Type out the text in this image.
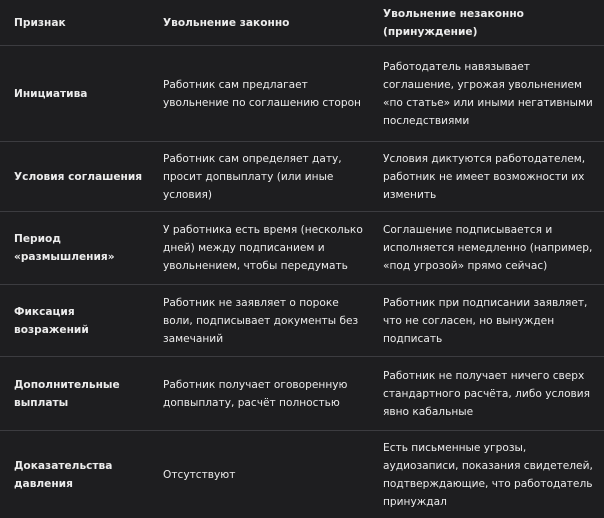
Признак	Увольнение законно
Увольнение незаконно (принуждение)
Инициатива
Работник сам предлагает увольнение по соглашению сторон
Работодатель навязывает соглашение, угрожая увольнением «по статье» или иными негативными последствиями
Условия соглашения
Работник сам определяет дату, просит допвыплату (или иные условия)
Условия диктуются работодателем, работник не имеет возможности их изменить
Период «размышления»
У работника есть время (несколько дней) между подписанием и увольнением, чтобы передумать
Соглашение подписывается и исполняется немедленно (например, «под угрозой» прямо сейчас)
Фиксация возражений
Работник не заявляет о пороке воли, подписывает документы без замечаний
Работник при подписании заявляет, что не согласен, но вынужден подписать
Дополнительные выплаты
Работник получает оговоренную допвыплату, расчёт полностью
Работник не получает ничего сверх стандартного расчёта, либо условия явно кабальные
Доказательства давления
Отсутствуют
Есть письменные угрозы, аудиозаписи, показания свидетелей, подтверждающие, что работодатель принуждал
